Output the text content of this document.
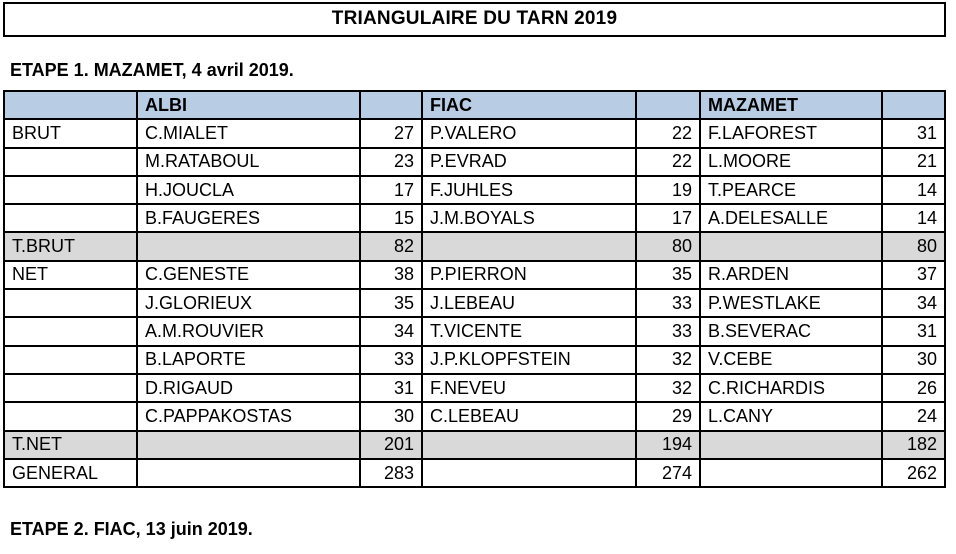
TRIANGULAIRE DU TARN 2019
ETAPE 1. MAZAMET, 4 avril 2019.
	ALBI		FIAC		MAZAMET	
BRUT	C.MIALET	27	P.VALERO	22	F.LAFOREST	31
	M.RATABOUL	23	P.EVRAD	22	L.MOORE	21
	H.JOUCLA	17	F.JUHLES	19	T.PEARCE	14
	B.FAUGERES	15	J.M.BOYALS	17	A.DELESALLE	14
T.BRUT		82		80		80
NET	C.GENESTE	38	P.PIERRON	35	R.ARDEN	37
	J.GLORIEUX	35	J.LEBEAU	33	P.WESTLAKE	34
	A.M.ROUVIER	34	T.VICENTE	33	B.SEVERAC	31
	B.LAPORTE	33	J.P.KLOPFSTEIN	32	V.CEBE	30
	D.RIGAUD	31	F.NEVEU	32	C.RICHARDIS	26
	C.PAPPAKOSTAS	30	C.LEBEAU	29	L.CANY	24
T.NET		201		194		182
GENERAL		283		274		262
ETAPE 2. FIAC, 13 juin 2019.
